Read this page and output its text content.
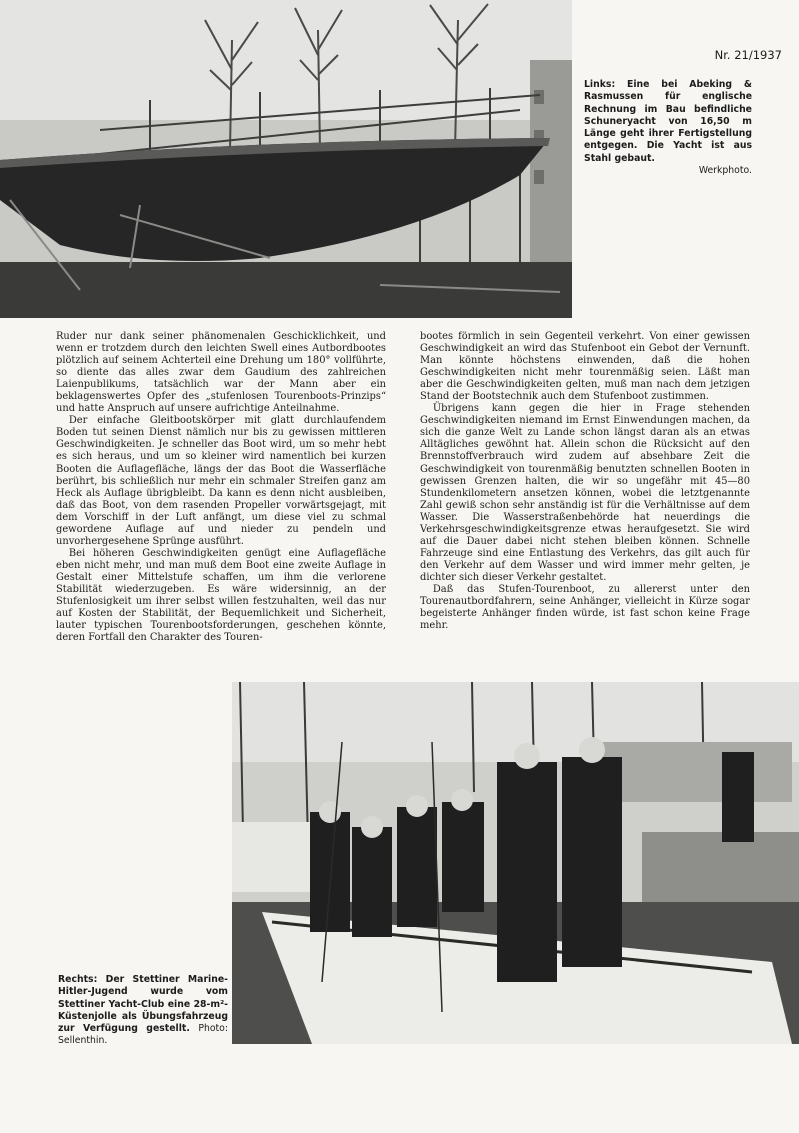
Nr. 21/1937
Links: Eine bei Abeking & Rasmussen für englische Rechnung im Bau befindliche Schuneryacht von 16,50 m Länge geht ihrer Fertigstellung entgegen. Die Yacht ist aus Stahl gebaut.
Werkphoto.

Ruder nur dank seiner phänomenalen Geschicklichkeit, und wenn er trotzdem durch den leichten Swell eines Autbordbootes plötzlich auf seinem Achterteil eine Drehung um 180° vollführte, so diente das alles zwar dem Gaudium des zahlreichen Laienpublikums, tatsächlich war der Mann aber ein beklagenswertes Opfer des „stufenlosen Tourenboots-Prinzips“ und hatte Anspruch auf unsere aufrichtige Anteilnahme.

Der einfache Gleitbootskörper mit glatt durchlaufendem Boden tut seinen Dienst nämlich nur bis zu gewissen mittleren Geschwindigkeiten. Je schneller das Boot wird, um so mehr hebt es sich heraus, und um so kleiner wird namentlich bei kurzen Booten die Auflagefläche, längs der das Boot die Wasserfläche berührt, bis schließlich nur mehr ein schmaler Streifen ganz am Heck als Auflage übrigbleibt. Da kann es denn nicht ausbleiben, daß das Boot, von dem rasenden Propeller vorwärtsgejagt, mit dem Vorschiff in der Luft anfängt, um diese viel zu schmal gewordene Auflage auf und nieder zu pendeln und unvorhergesehene Sprünge ausführt.

Bei höheren Geschwindigkeiten genügt eine Auflagefläche eben nicht mehr, und man muß dem Boot eine zweite Auflage in Gestalt einer Mittelstufe schaffen, um ihm die verlorene Stabilität wiederzugeben. Es wäre widersinnig, an der Stufenlosigkeit um ihrer selbst willen festzuhalten, weil das nur auf Kosten der Stabilität, der Bequemlichkeit und Sicherheit, lauter typischen Tourenbootsforderungen, geschehen könnte, deren Fortfall den Charakter des Touren-

bootes förmlich in sein Gegenteil verkehrt. Von einer gewissen Geschwindigkeit an wird das Stufenboot ein Gebot der Vernunft. Man könnte höchstens einwenden, daß die hohen Geschwindigkeiten nicht mehr tourenmäßig seien. Läßt man aber die Geschwindigkeiten gelten, muß man nach dem jetzigen Stand der Bootstechnik auch dem Stufenboot zustimmen.

Übrigens kann gegen die hier in Frage stehenden Geschwindigkeiten niemand im Ernst Einwendungen machen, da sich die ganze Welt zu Lande schon längst daran als an etwas Alltägliches gewöhnt hat. Allein schon die Rücksicht auf den Brennstoffverbrauch wird zudem auf absehbare Zeit die Geschwindigkeit von tourenmäßig benutzten schnellen Booten in gewissen Grenzen halten, die wir so ungefähr mit 45—80 Stundenkilometern ansetzen können, wobei die letztgenannte Zahl gewiß schon sehr anständig ist für die Verhältnisse auf dem Wasser. Die Wasserstraßenbehörde hat neuerdings die Verkehrsgeschwindigkeitsgrenze etwas heraufgesetzt. Sie wird auf die Dauer dabei nicht stehen bleiben können. Schnelle Fahrzeuge sind eine Entlastung des Verkehrs, das gilt auch für den Verkehr auf dem Wasser und wird immer mehr gelten, je dichter sich dieser Verkehr gestaltet.

Daß das Stufen-Tourenboot, zu allererst unter den Tourenautbordfahrern, seine Anhänger, vielleicht in Kürze sogar begeisterte Anhänger finden würde, ist fast schon keine Frage mehr.

Rechts: Der Stettiner Marine-Hitler-Jugend wurde vom Stettiner Yacht-Club eine 28-m²-Küstenjolle als Übungsfahrzeug zur Verfügung gestellt. Photo: Sellenthin.
